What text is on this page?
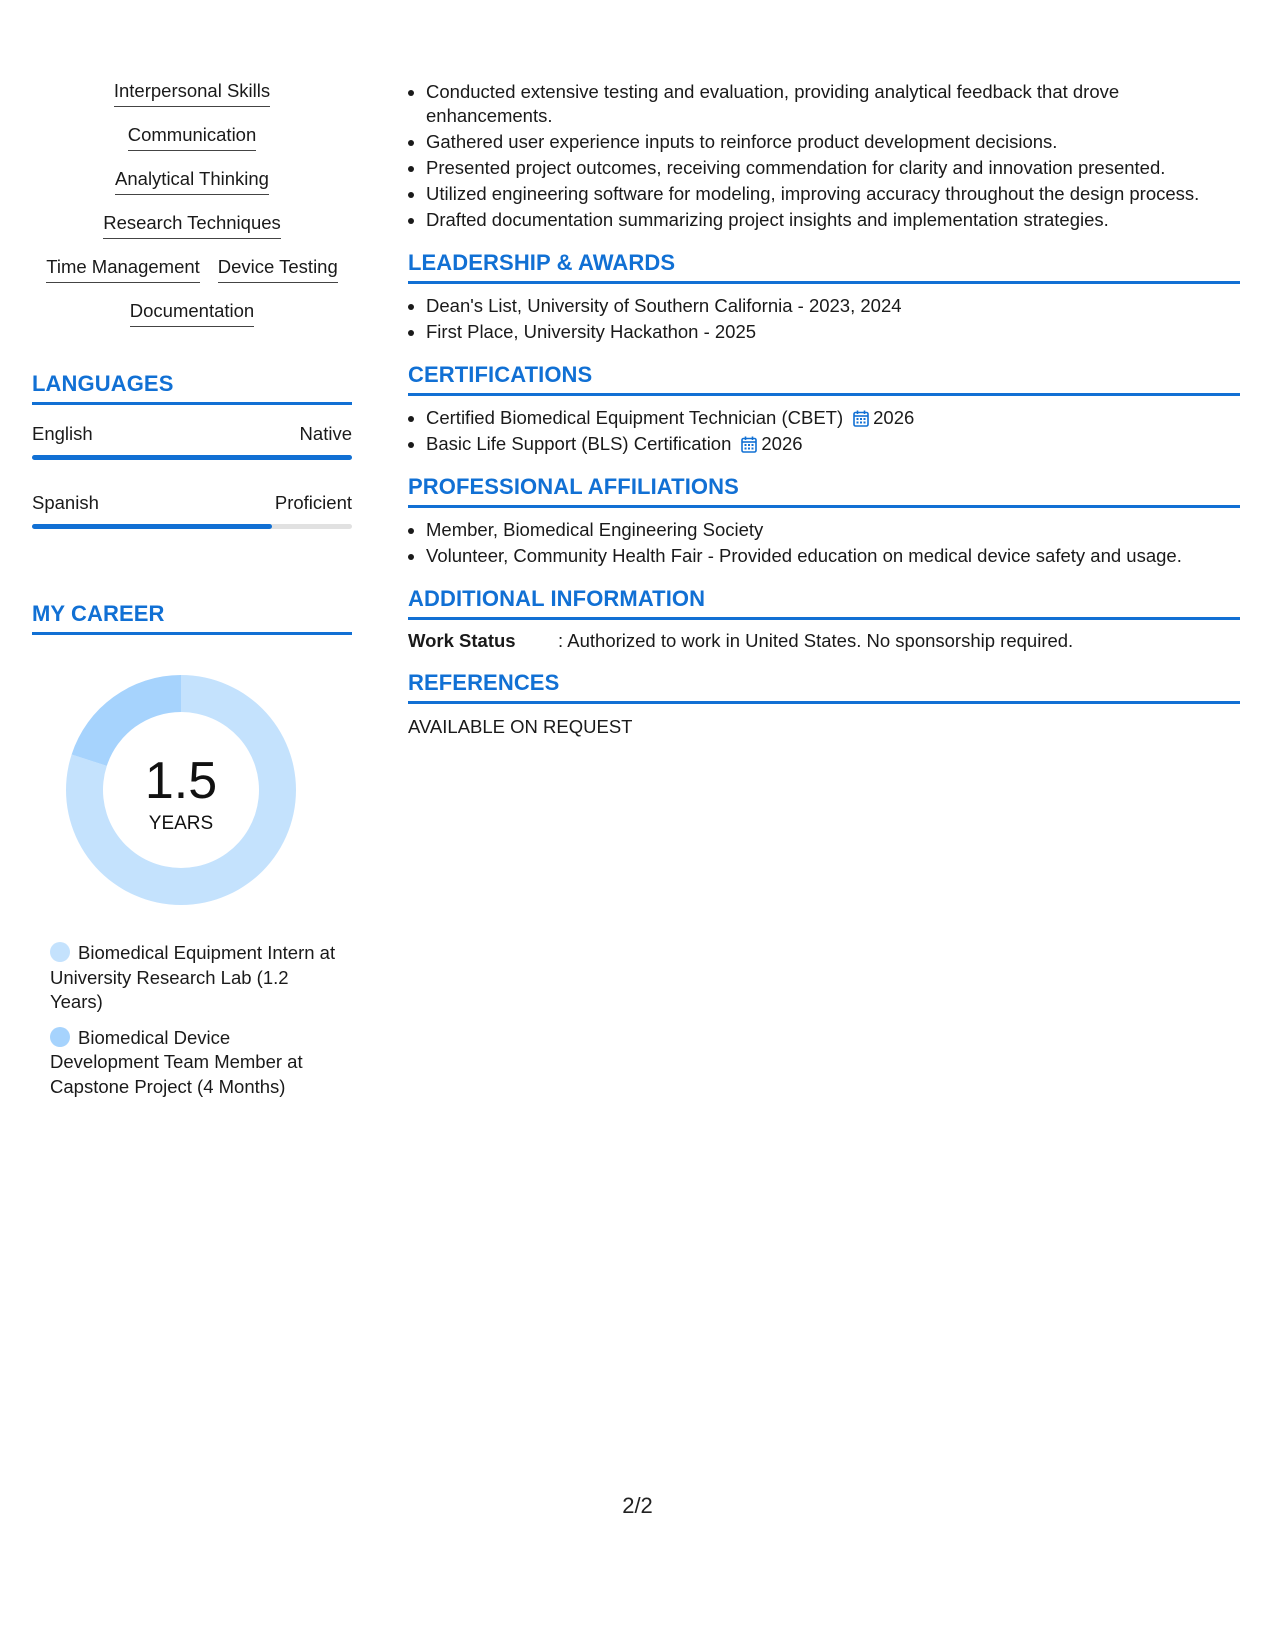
Interpersonal Skills
Communication
Analytical Thinking
Research Techniques
Time Management Device Testing
Documentation
LANGUAGES
English	Native
Spanish	Proficient
MY CAREER
1.5
YEARS
Biomedical Equipment Intern at University Research Lab (1.2 Years)
Biomedical Device Development Team Member at Capstone Project (4 Months)
Conducted extensive testing and evaluation, providing analytical feedback that drove enhancements.
Gathered user experience inputs to reinforce product development decisions.
Presented project outcomes, receiving commendation for clarity and innovation presented.
Utilized engineering software for modeling, improving accuracy throughout the design process.
Drafted documentation summarizing project insights and implementation strategies.
LEADERSHIP & AWARDS
Dean's List, University of Southern California - 2023, 2024
First Place, University Hackathon - 2025
CERTIFICATIONS
Certified Biomedical Equipment Technician (CBET) 2026
Basic Life Support (BLS) Certification 2026
PROFESSIONAL AFFILIATIONS
Member, Biomedical Engineering Society
Volunteer, Community Health Fair - Provided education on medical device safety and usage.
ADDITIONAL INFORMATION
Work Status	: Authorized to work in United States. No sponsorship required.
REFERENCES
AVAILABLE ON REQUEST
2/2
